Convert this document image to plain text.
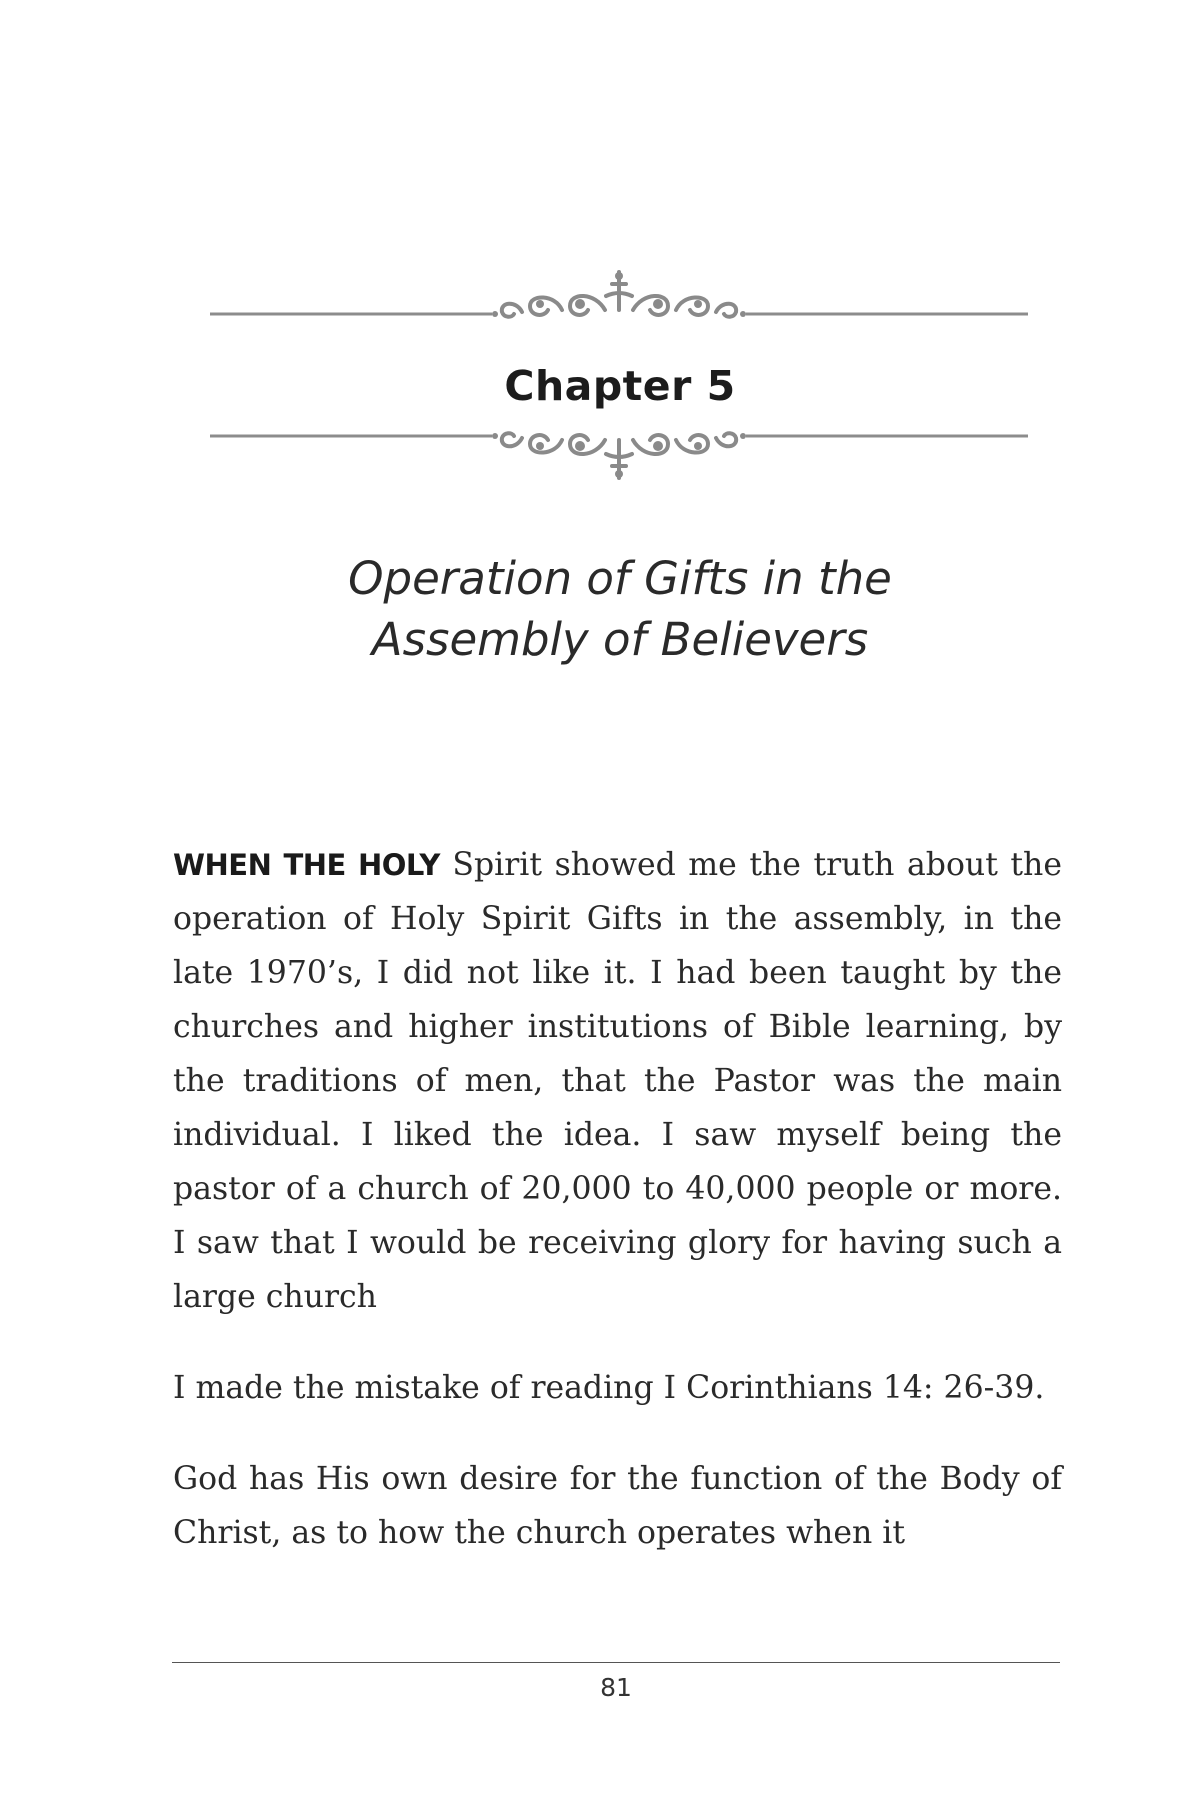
Chapter 5
Operation of Gifts in the
Assembly of Believers

WHEN THE HOLY Spirit showed me the truth about the operation of Holy Spirit Gifts in the assembly, in the late 1970’s, I did not like it. I had been taught by the churches and higher institutions of Bible learning, by the traditions of men, that the Pastor was the main individual. I liked the idea. I saw myself being the pastor of a church of 20,000 to 40,000 people or more. I saw that I would be receiving glory for having such a large church

I made the mistake of reading I Corinthians 14: 26-39.

God has His own desire for the function of the Body of Christ, as to how the church operates when it

81
